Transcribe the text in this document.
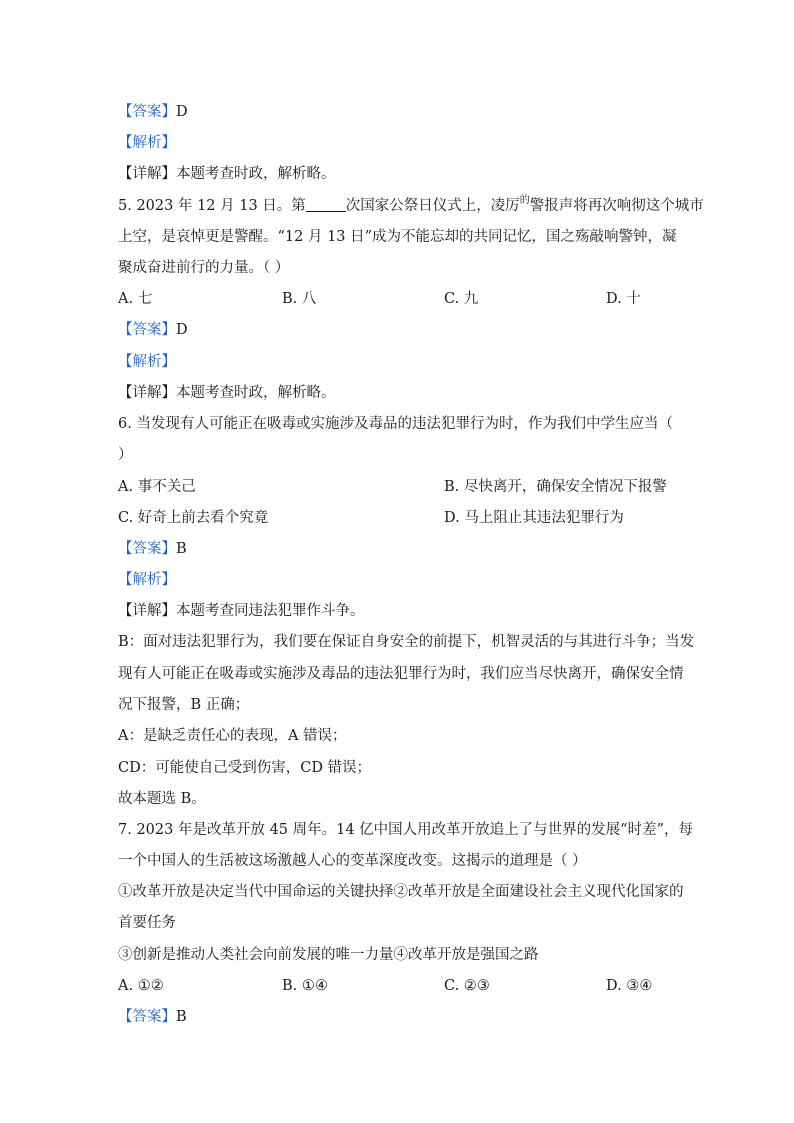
【答案】D
【解析】
【详解】本题考查时政，解析略。
5. 2023 年 12 月 13 日。第	次国家公祭日仪式上，凌厉$^的$警报声将再次响彻这个城市
上空，是哀悼更是警醒。“12 月 13 日”成为不能忘却的共同记忆，国之殇敲响警钟，凝
聚成奋进前行的力量。（ ）
A. 七	B. 八	C. 九	D. 十
【答案】D
【解析】
【详解】本题考查时政，解析略。
6. 当发现有人可能正在吸毒或实施涉及毒品的违法犯罪行为时，作为我们中学生应当（
）
A. 事不关己	B. 尽快离开，确保安全情况下报警
C. 好奇上前去看个究竟	D. 马上阻止其违法犯罪行为
【答案】B
【解析】
【详解】本题考查同违法犯罪作斗争。
B：面对违法犯罪行为，我们要在保证自身安全的前提下，机智灵活的与其进行斗争；当发
现有人可能正在吸毒或实施涉及毒品的违法犯罪行为时，我们应当尽快离开，确保安全情
况下报警，B 正确；
A：是缺乏责任心的表现，A 错误；
CD：可能使自己受到伤害，CD 错误；
故本题选 B。
7. 2023 年是改革开放 45 周年。14 亿中国人用改革开放追上了与世界的发展“时差”，每
一个中国人的生活被这场激越人心的变革深度改变。这揭示的道理是（ ）
①改革开放是决定当代中国命运的关键抉择②改革开放是全面建设社会主义现代化国家的
首要任务
③创新是推动人类社会向前发展的唯一力量④改革开放是强国之路
A. ①②	B. ①④	C. ②③	D. ③④
【答案】B
